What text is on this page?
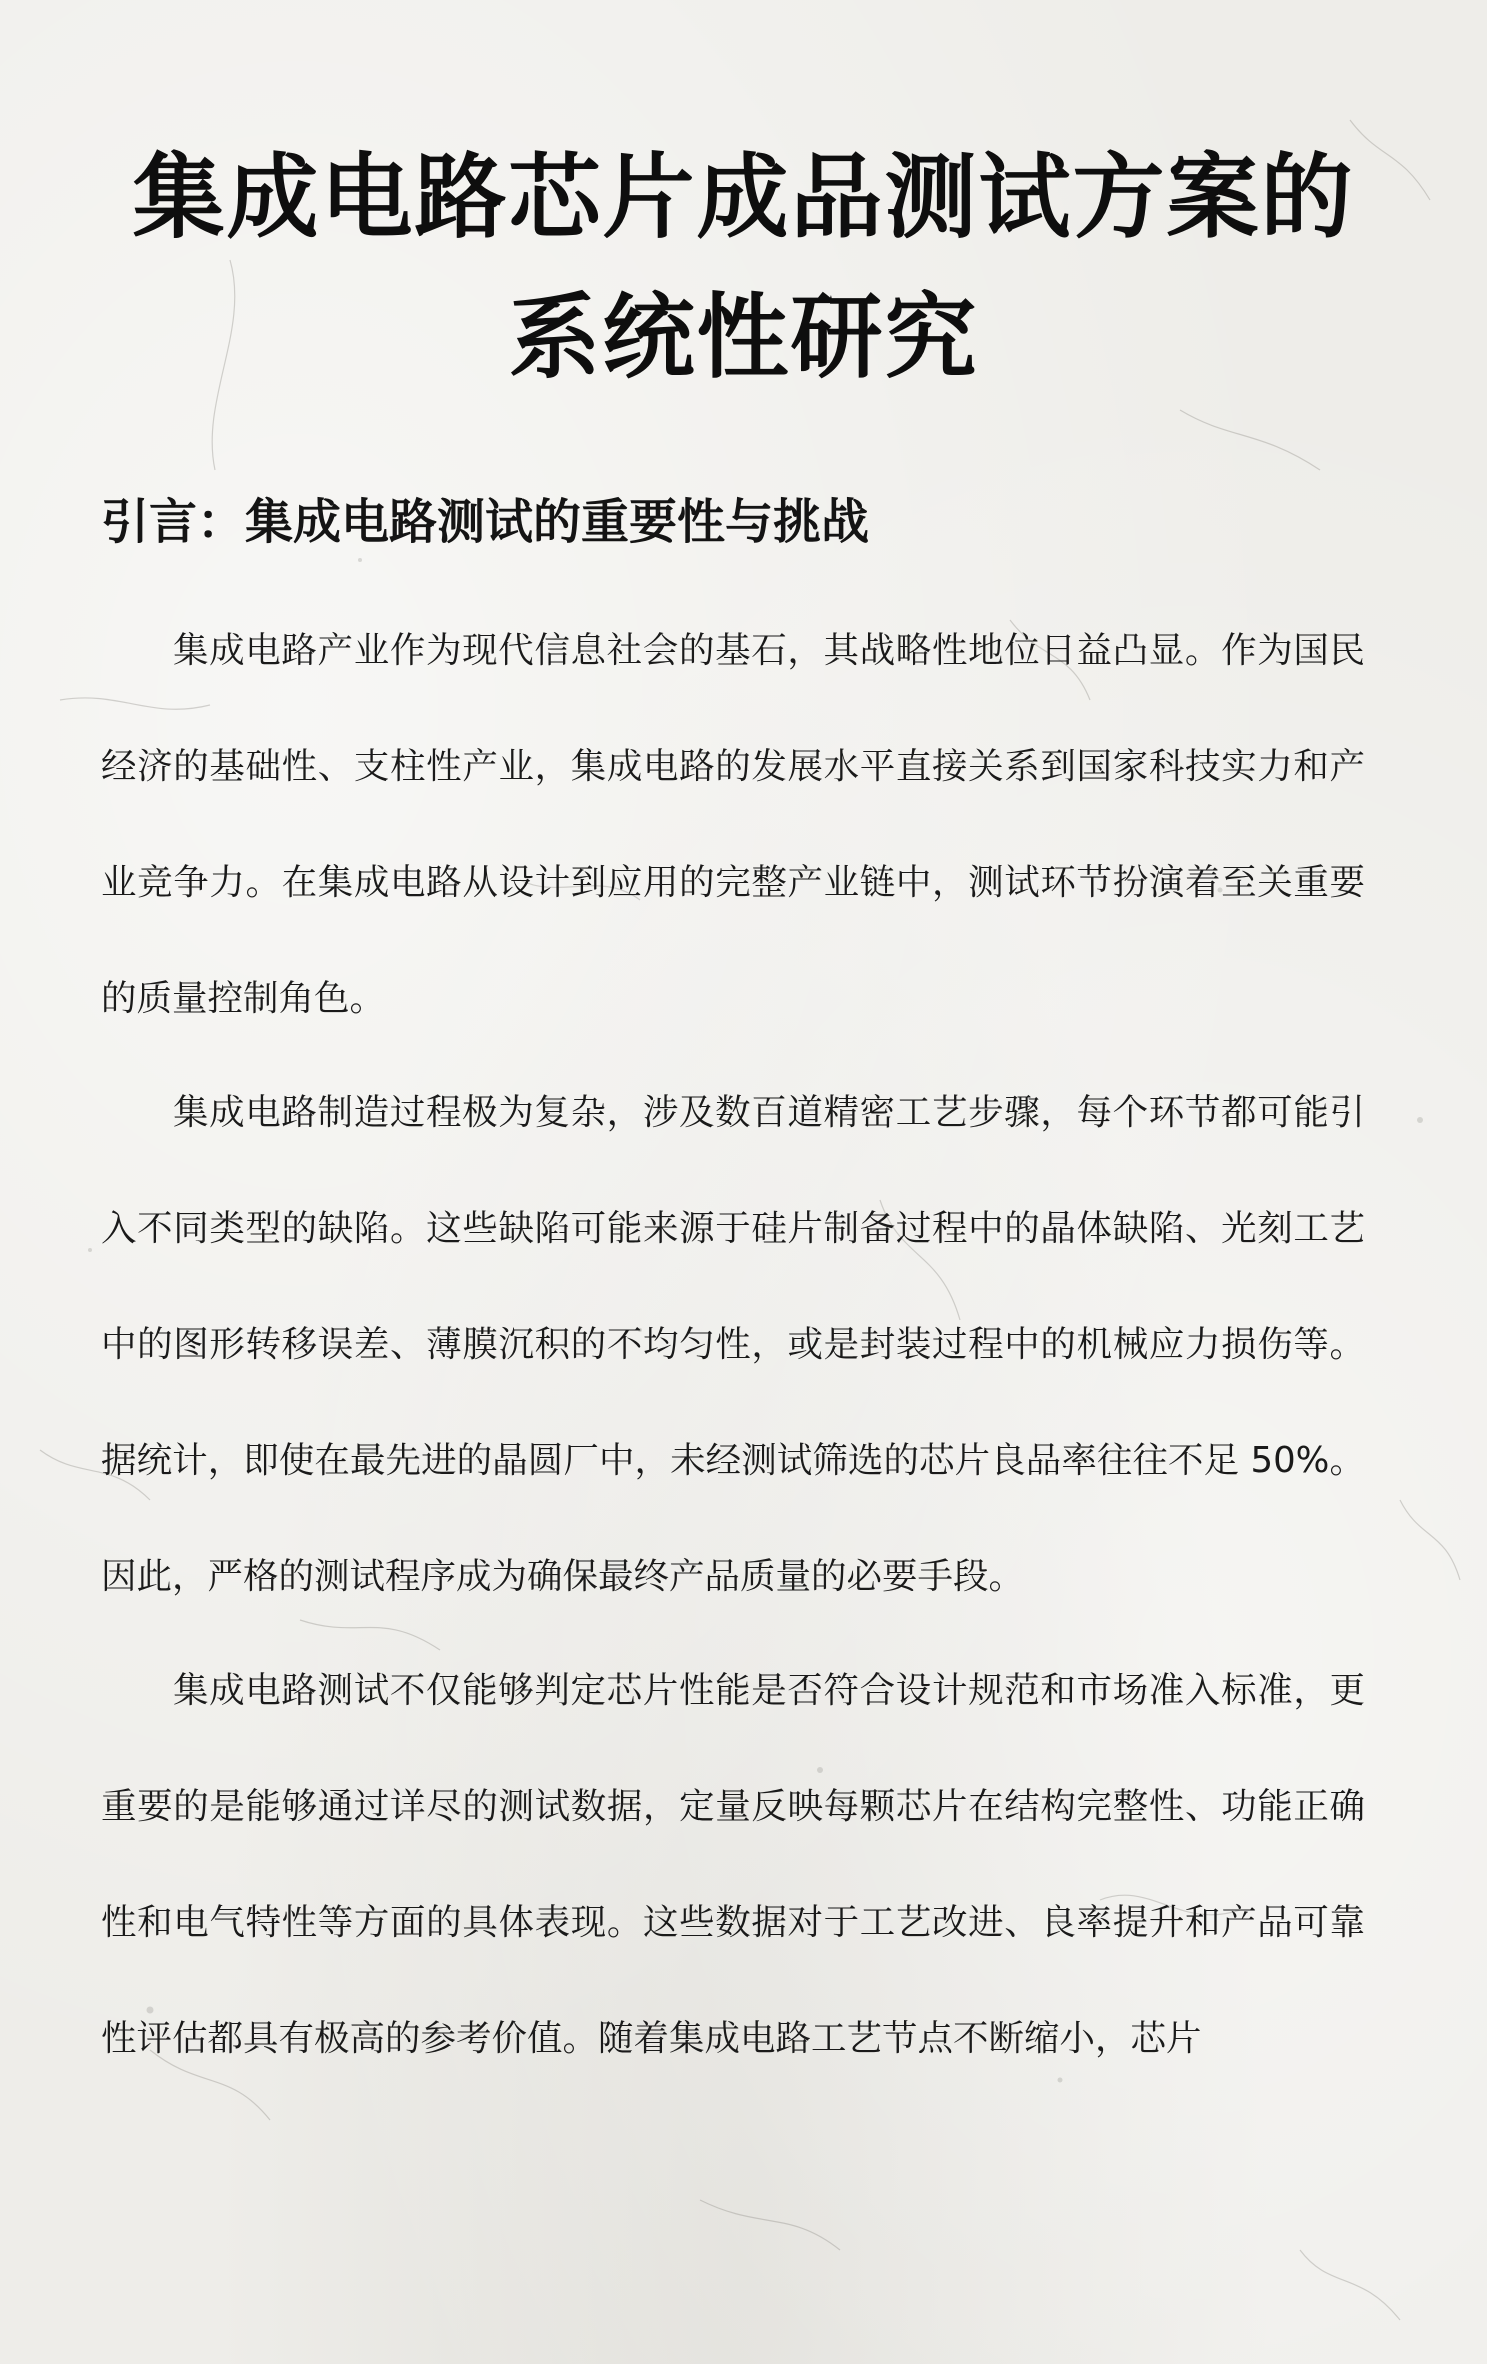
集成电路芯片成品测试方案的系统性研究
引言：集成电路测试的重要性与挑战

集成电路产业作为现代信息社会的基石，其战略性地位日益凸显。作为国民经济的基础性、支柱性产业，集成电路的发展水平直接关系到国家科技实力和产业竞争力。在集成电路从设计到应用的完整产业链中，测试环节扮演着至关重要的质量控制角色。

集成电路制造过程极为复杂，涉及数百道精密工艺步骤，每个环节都可能引入不同类型的缺陷。这些缺陷可能来源于硅片制备过程中的晶体缺陷、光刻工艺中的图形转移误差、薄膜沉积的不均匀性，或是封装过程中的机械应力损伤等。据统计，即使在最先进的晶圆厂中，未经测试筛选的芯片良品率往往不足 50%。因此，严格的测试程序成为确保最终产品质量的必要手段。

集成电路测试不仅能够判定芯片性能是否符合设计规范和市场准入标准，更重要的是能够通过详尽的测试数据，定量反映每颗芯片在结构完整性、功能正确性和电气特性等方面的具体表现。这些数据对于工艺改进、良率提升和产品可靠性评估都具有极高的参考价值。随着集成电路工艺节点不断缩小，芯片
